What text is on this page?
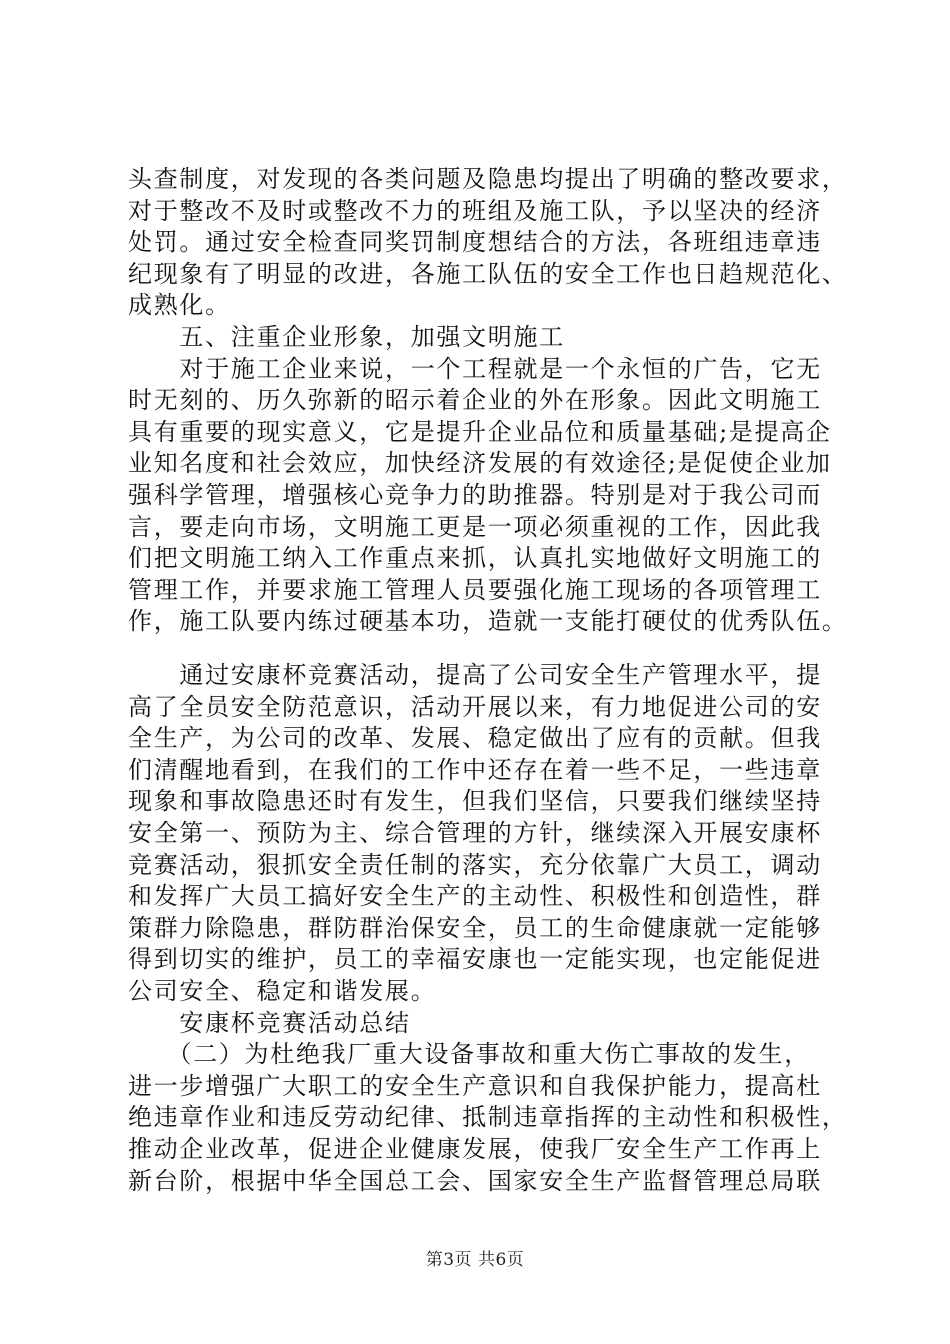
头查制度，对发现的各类问题及隐患均提出了明确的整改要求，
对于整改不及时或整改不力的班组及施工队，予以坚决的经济
处罚。通过安全检查同奖罚制度想结合的方法，各班组违章违
纪现象有了明显的改进，各施工队伍的安全工作也日趋规范化、
成熟化。
　　五、注重企业形象，加强文明施工
　　对于施工企业来说，一个工程就是一个永恒的广告，它无
时无刻的、历久弥新的昭示着企业的外在形象。因此文明施工
具有重要的现实意义，它是提升企业品位和质量基础;是提高企
业知名度和社会效应，加快经济发展的有效途径;是促使企业加
强科学管理，增强核心竞争力的助推器。特别是对于我公司而
言，要走向市场，文明施工更是一项必须重视的工作，因此我
们把文明施工纳入工作重点来抓，认真扎实地做好文明施工的
管理工作，并要求施工管理人员要强化施工现场的各项管理工
作，施工队要内练过硬基本功，造就一支能打硬仗的优秀队伍。
　　通过安康杯竞赛活动，提高了公司安全生产管理水平，提
高了全员安全防范意识，活动开展以来，有力地促进公司的安
全生产，为公司的改革、发展、稳定做出了应有的贡献。但我
们清醒地看到，在我们的工作中还存在着一些不足，一些违章
现象和事故隐患还时有发生，但我们坚信，只要我们继续坚持
安全第一、预防为主、综合管理的方针，继续深入开展安康杯
竞赛活动，狠抓安全责任制的落实，充分依靠广大员工，调动
和发挥广大员工搞好安全生产的主动性、积极性和创造性，群
策群力除隐患，群防群治保安全，员工的生命健康就一定能够
得到切实的维护，员工的幸福安康也一定能实现，也定能促进
公司安全、稳定和谐发展。
　　安康杯竞赛活动总结
　　（二）为杜绝我厂重大设备事故和重大伤亡事故的发生，
进一步增强广大职工的安全生产意识和自我保护能力，提高杜
绝违章作业和违反劳动纪律、抵制违章指挥的主动性和积极性，
推动企业改革，促进企业健康发展，使我厂安全生产工作再上
新台阶，根据中华全国总工会、国家安全生产监督管理总局联
第3页 共6页
